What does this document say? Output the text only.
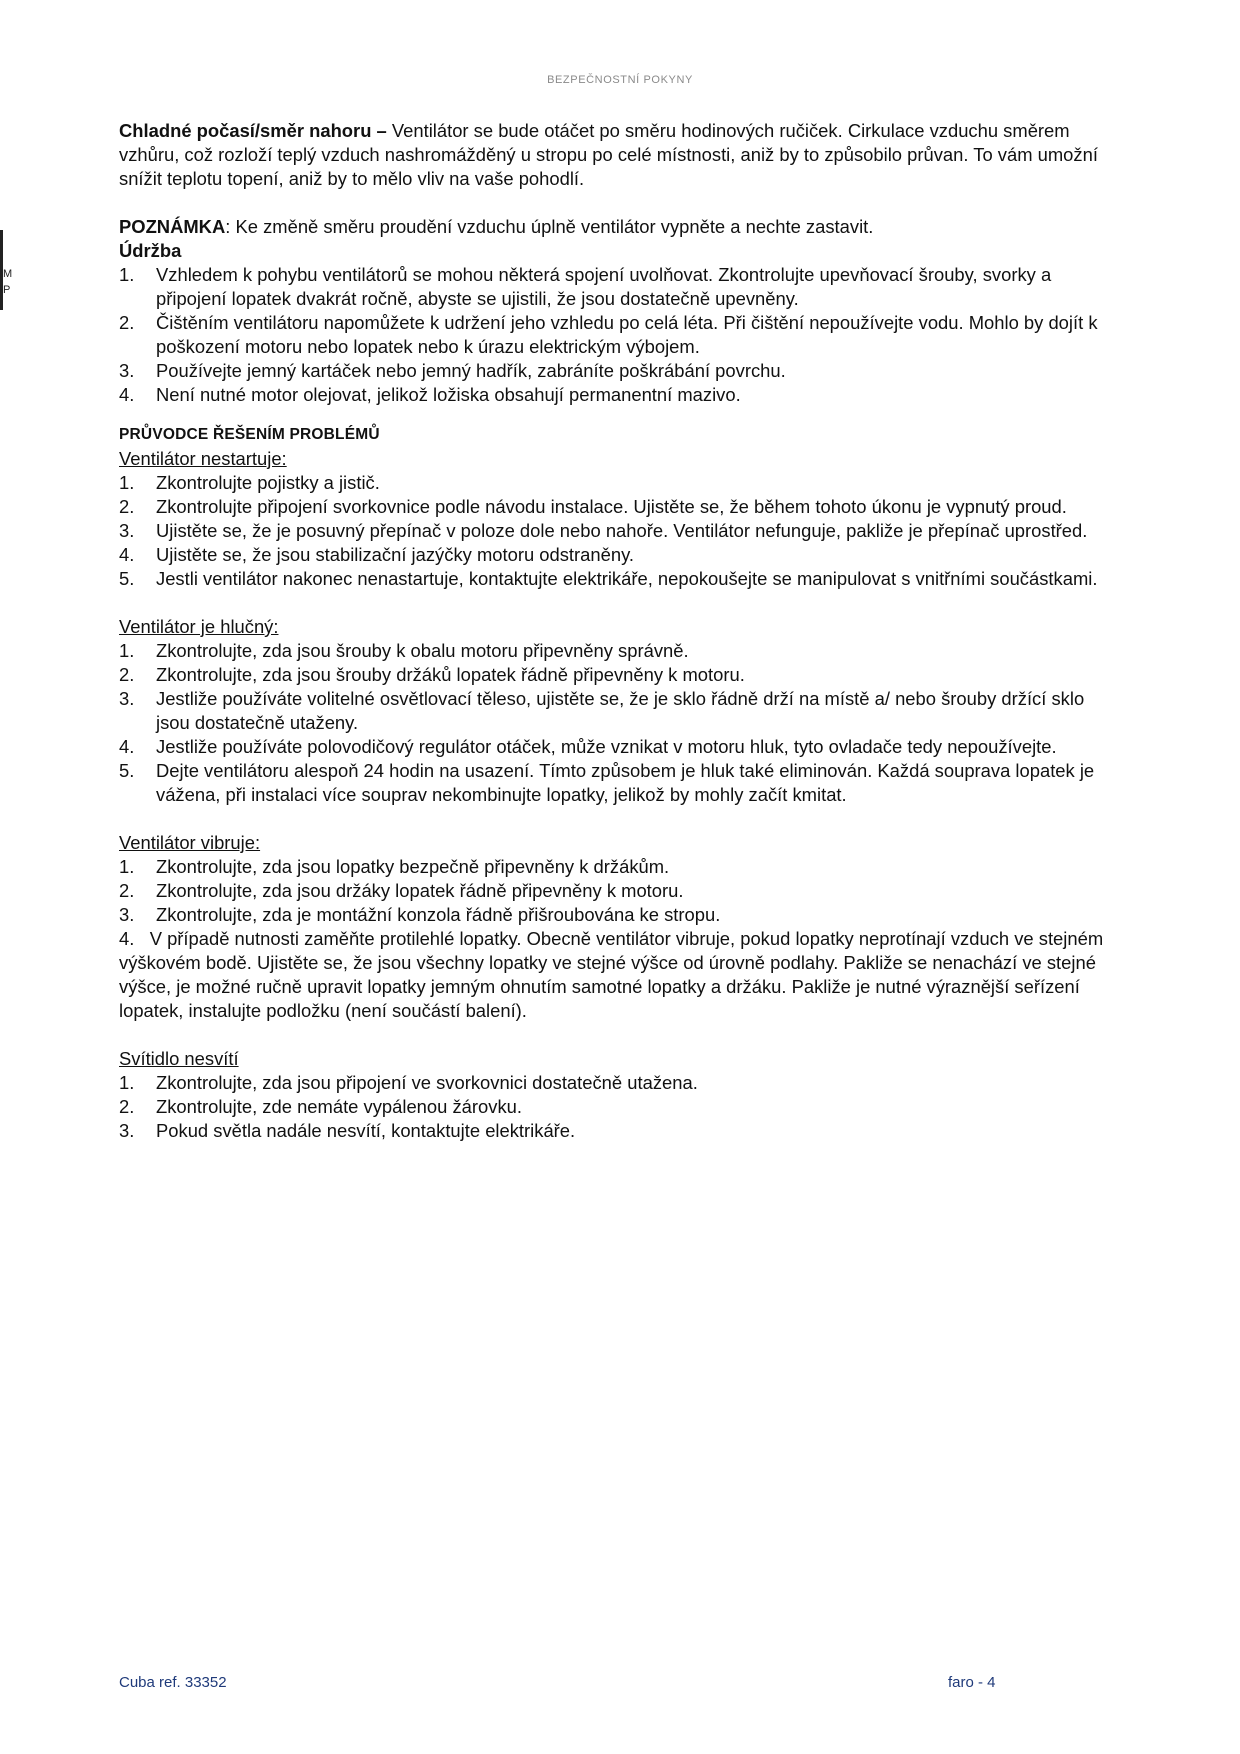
BEZPEČNOSTNÍ POKYNY
M P

Chladné počasí/směr nahoru – Ventilátor se bude otáčet po směru hodinových ručiček. Cirkulace vzduchu směrem vzhůru, což rozloží teplý vzduch nashromážděný u stropu po celé místnosti, aniž by to způsobilo průvan. To vám umožní snížit teplotu topení, aniž by to mělo vliv na vaše pohodlí.

POZNÁMKA: Ke změně směru proudění vzduchu úplně ventilátor vypněte a nechte zastavit.

Údržba

1. Vzhledem k pohybu ventilátorů se mohou některá spojení uvolňovat. Zkontrolujte upevňovací šrouby, svorky a připojení lopatek dvakrát ročně, abyste se ujistili, že jsou dostatečně upevněny.
2. Čištěním ventilátoru napomůžete k udržení jeho vzhledu po celá léta. Při čištění nepoužívejte vodu. Mohlo by dojít k poškození motoru nebo lopatek nebo k úrazu elektrickým výbojem.
3. Používejte jemný kartáček nebo jemný hadřík, zabráníte poškrábání povrchu.
4. Není nutné motor olejovat, jelikož ložiska obsahují permanentní mazivo.

PRŮVODCE ŘEŠENÍM PROBLÉMŮ

Ventilátor nestartuje:

1. Zkontrolujte pojistky a jistič.
2. Zkontrolujte připojení svorkovnice podle návodu instalace. Ujistěte se, že během tohoto úkonu je vypnutý proud.
3. Ujistěte se, že je posuvný přepínač v poloze dole nebo nahoře. Ventilátor nefunguje, pakliže je přepínač uprostřed.
4. Ujistěte se, že jsou stabilizační jazýčky motoru odstraněny.
5. Jestli ventilátor nakonec nenastartuje, kontaktujte elektrikáře, nepokoušejte se manipulovat s vnitřními součástkami.

Ventilátor je hlučný:

1. Zkontrolujte, zda jsou šrouby k obalu motoru připevněny správně.
2. Zkontrolujte, zda jsou šrouby držáků lopatek řádně připevněny k motoru.
3. Jestliže používáte volitelné osvětlovací těleso, ujistěte se, že je sklo řádně drží na místě a/ nebo šrouby držící sklo jsou dostatečně utaženy.
4. Jestliže používáte polovodičový regulátor otáček, může vznikat v motoru hluk, tyto ovladače tedy nepoužívejte.
5. Dejte ventilátoru alespoň 24 hodin na usazení. Tímto způsobem je hluk také eliminován. Každá souprava lopatek je vážena, při instalaci více souprav nekombinujte lopatky, jelikož by mohly začít kmitat.

Ventilátor vibruje:

1. Zkontrolujte, zda jsou lopatky bezpečně připevněny k držákům.
2. Zkontrolujte, zda jsou držáky lopatek řádně připevněny k motoru.
3. Zkontrolujte, zda je montážní konzola řádně přišroubována ke stropu.

4. V případě nutnosti zaměňte protilehlé lopatky. Obecně ventilátor vibruje, pokud lopatky neprotínají vzduch ve stejném výškovém bodě. Ujistěte se, že jsou všechny lopatky ve stejné výšce od úrovně podlahy. Pakliže se nenachází ve stejné výšce, je možné ručně upravit lopatky jemným ohnutím samotné lopatky a držáku. Pakliže je nutné výraznější seřízení lopatek, instalujte podložku (není součástí balení).

Svítidlo nesvítí

1. Zkontrolujte, zda jsou připojení ve svorkovnici dostatečně utažena.
2. Zkontrolujte, zde nemáte vypálenou žárovku.
3. Pokud světla nadále nesvítí, kontaktujte elektrikáře.
Cuba ref. 33352	faro - 4
